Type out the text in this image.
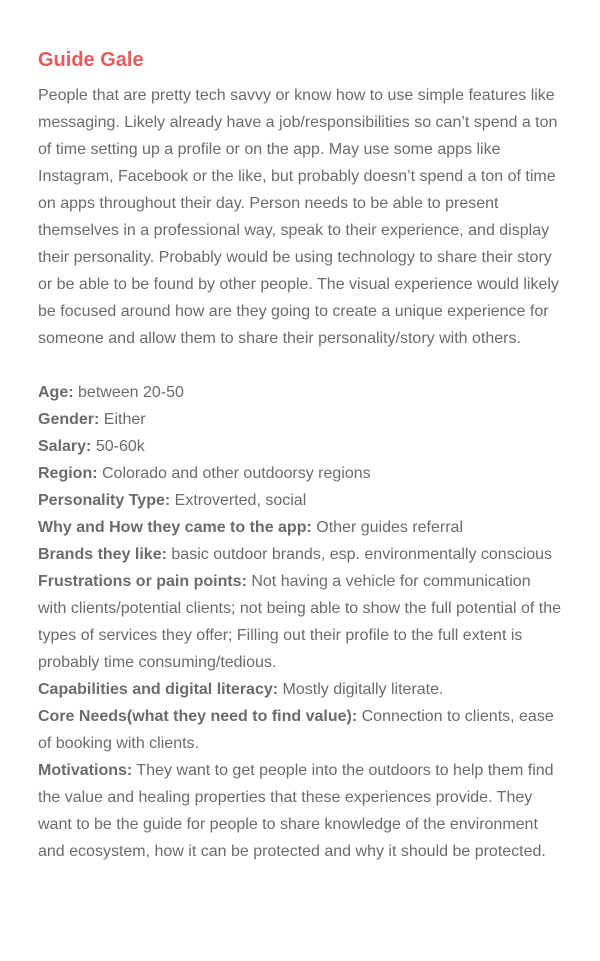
Guide Gale

People that are pretty tech savvy or know how to use simple features like messaging. Likely already have a job/responsibilities so can’t spend a ton of time setting up a profile or on the app. May use some apps like Instagram, Facebook or the like, but probably doesn’t spend a ton of time on apps throughout their day. Person needs to be able to present themselves in a professional way, speak to their experience, and display their personality. Probably would be using technology to share their story or be able to be found by other people. The visual experience would likely be focused around how are they going to create a unique experience for someone and allow them to share their personality/story with others.

Age: between 20-50

Gender: Either

Salary: 50-60k

Region: Colorado and other outdoorsy regions

Personality Type: Extroverted, social

Why and How they came to the app: Other guides referral

Brands they like: basic outdoor brands, esp. environmentally conscious

Frustrations or pain points: Not having a vehicle for communication with clients/potential clients; not being able to show the full potential of the types of services they offer; Filling out their profile to the full extent is probably time consuming/tedious.

Capabilities and digital literacy: Mostly digitally literate.

Core Needs(what they need to find value): Connection to clients, ease of booking with clients.

Motivations: They want to get people into the outdoors to help them find the value and healing properties that these experiences provide. They want to be the guide for people to share knowledge of the environment and ecosystem, how it can be protected and why it should be protected.
